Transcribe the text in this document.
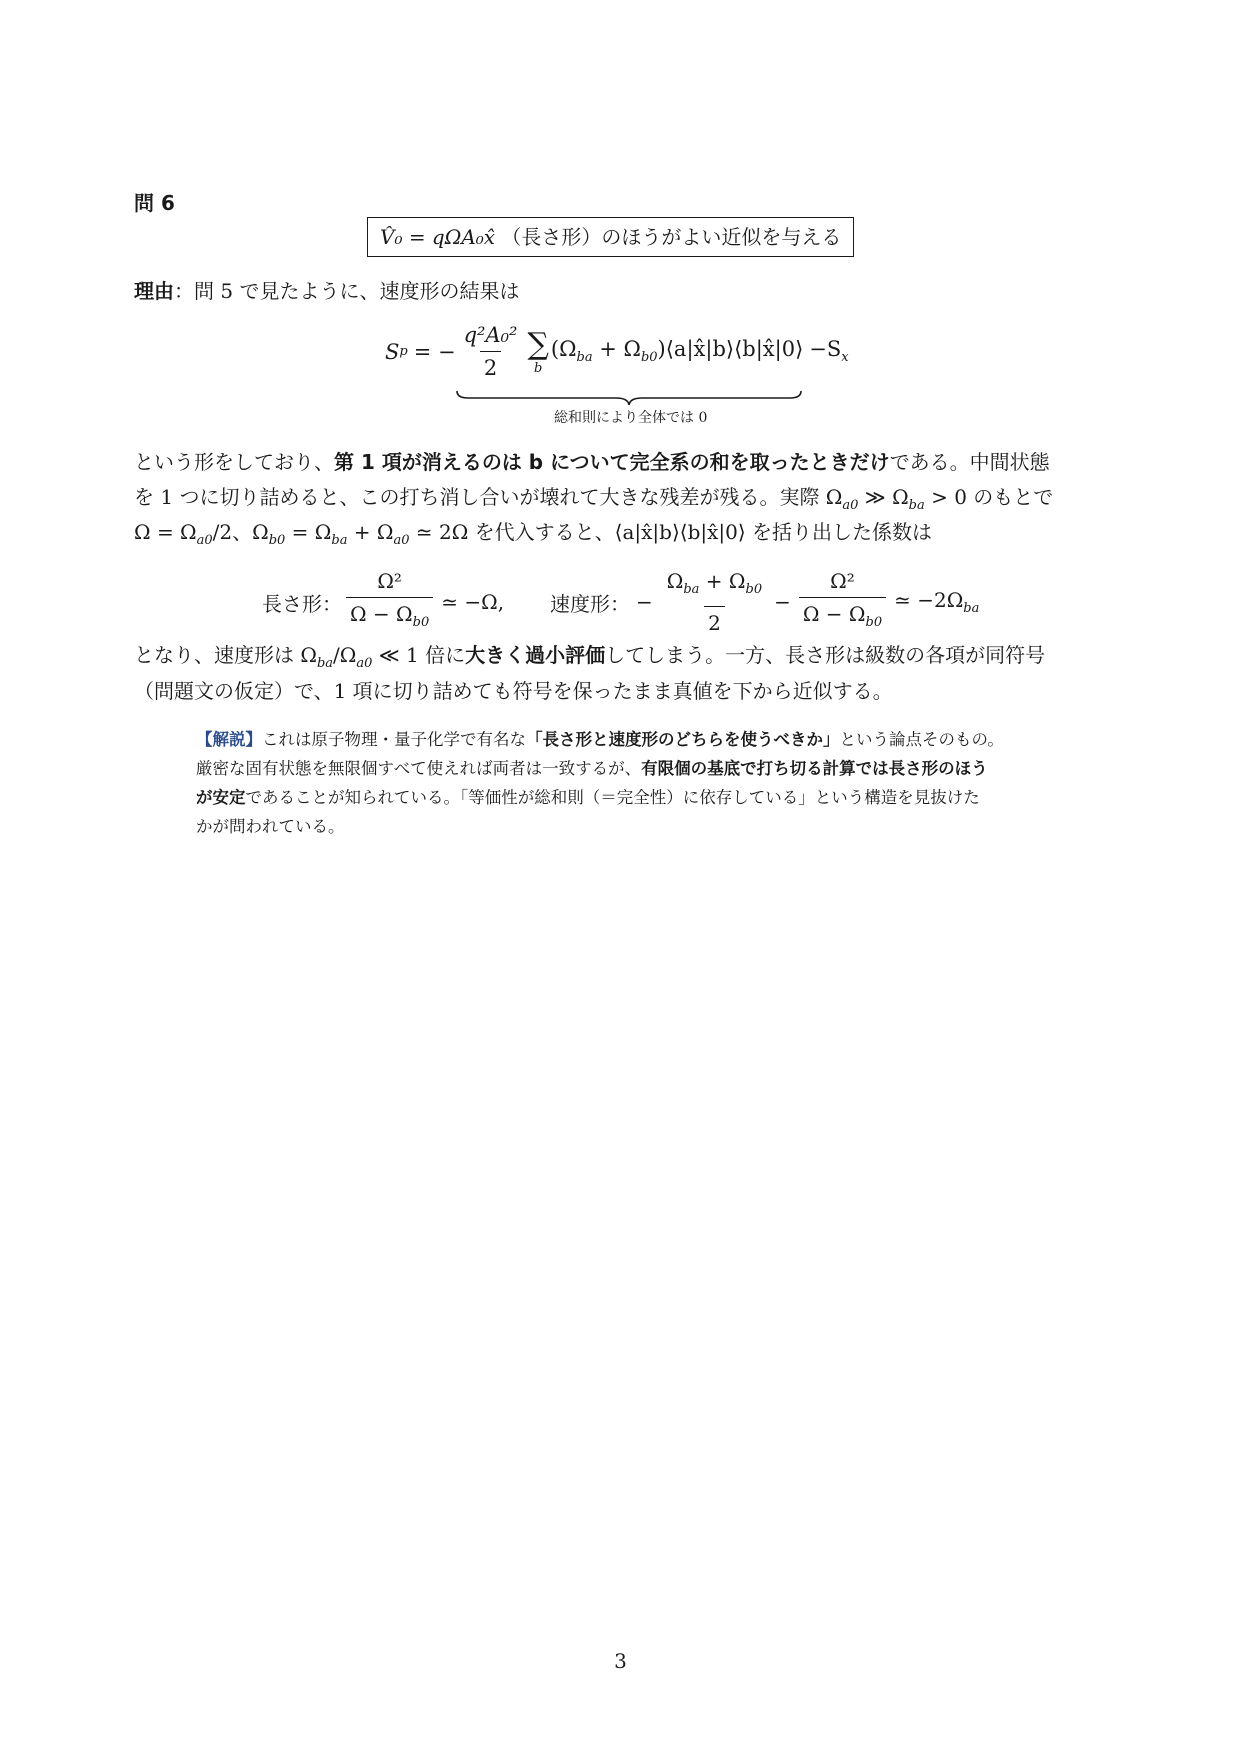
問 6
V̂₀ = qΩA₀x̂ （長さ形）のほうがよい近似を与える
理由：問 5 で見たように、速度形の結果は
S p = − $\frac{\text{q²A₀²}}{2}$ ∑
b
($\Omega_{ba}$ + $\Omega_{b0})⟨a|x̂|b⟩⟨b|x̂|0⟩ -S_x$
総和則により全体では 0
という形をしており、第 1 項が消えるのは b について完全系の和を取ったときだけである。中間状態
を 1 つに切り詰めると、この打ち消し合いが壊れて大きな残差が残る。実際 $\Omega_{a0}$ ≫ $\Omega_{ba} > 0$ のもとで
$\Omega = \Omega_{a0}/2$、$\Omega_{b0} = \Omega_{ba} + \Omega_{a0}$ ≃ 2Ω を代入すると、⟨a|x̂|b⟩⟨b|x̂|0⟩ を括り出した係数は
長さ形： $\frac{\text{Ω²}}{\Omega - \Omega_{b0}}$ ≃ −Ω, 速度形： − $\frac{\Omega_{ba} + \Omega_{b0}}{2} - \frac{\text{Ω²}}{\Omega - \Omega_{b0}}$ ≃ $-2\Omega_{ba}$
となり、速度形は $\Omega_{ba}/\Omega_{a0}$ ≪ 1 倍に大きく過小評価してしまう。一方、長さ形は級数の各項が同符号
（問題文の仮定）で、1 項に切り詰めても符号を保ったまま真値を下から近似する。
【解説】これは原子物理・量子化学で有名な「長さ形と速度形のどちらを使うべきか」という論点そのもの。
厳密な固有状態を無限個すべて使えれば両者は一致するが、有限個の基底で打ち切る計算では長さ形のほう
が安定であることが知られている。「等価性が総和則（＝完全性）に依存している」という構造を見抜けた
かが問われている。
3
